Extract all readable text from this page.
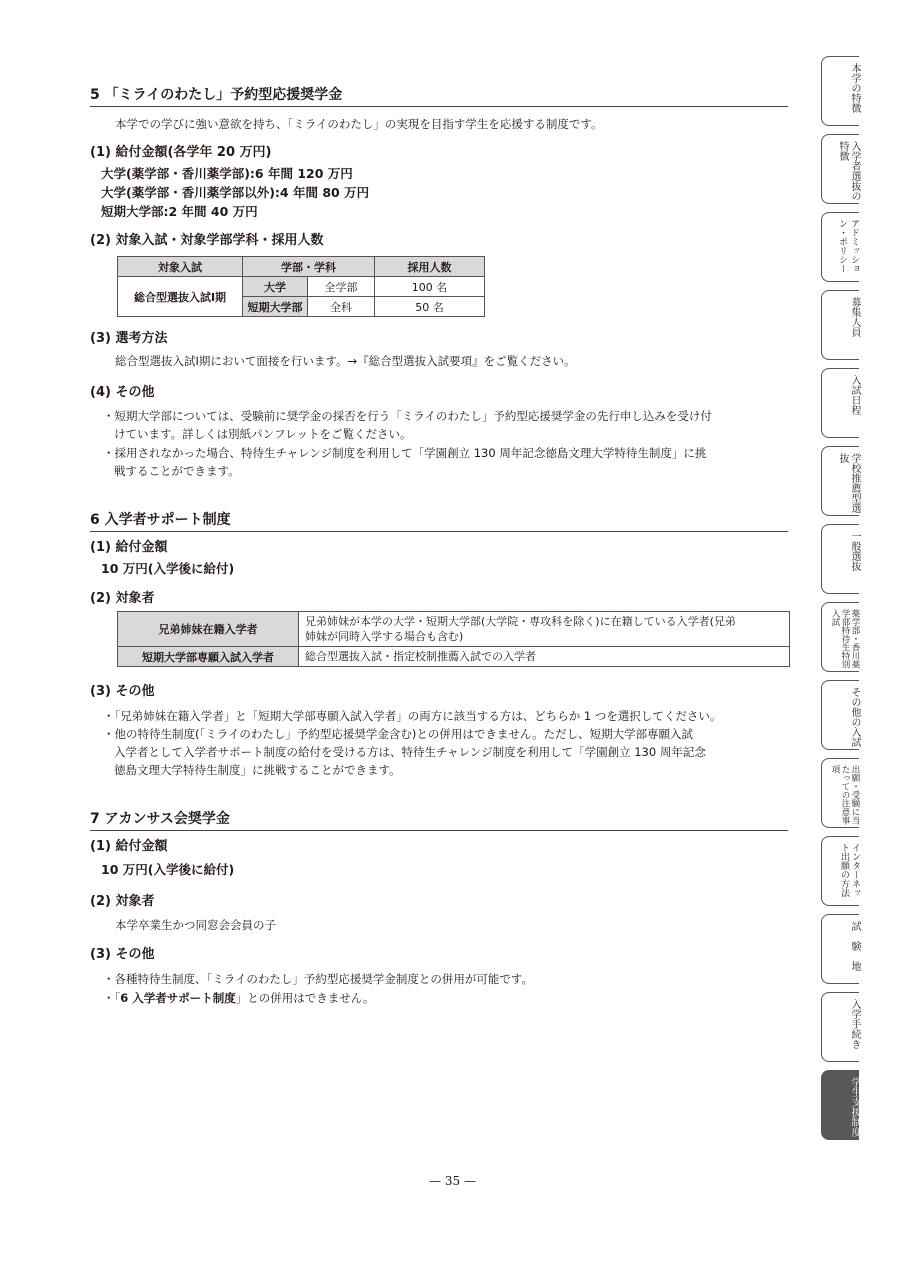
5 「ミライのわたし」予約型応援奨学金
本学での学びに強い意欲を持ち、「ミライのわたし」の実現を目指す学生を応援する制度です。
(1) 給付金額(各学年 20 万円)
大学(薬学部・香川薬学部):6 年間 120 万円
大学(薬学部・香川薬学部以外):4 年間 80 万円
短期大学部:2 年間 40 万円
(2) 対象入試・対象学部学科・採用人数
対象入試	学部・学科		採用人数
総合型選抜入試Ⅰ期	大学	全学部	100 名
	短期大学部	全科	50 名
(3) 選考方法
総合型選抜入試Ⅰ期において面接を行います。→『総合型選抜入試要項』をご覧ください。
(4) その他
・短期大学部については、受験前に奨学金の採否を行う「ミライのわたし」予約型応援奨学金の先行申し込みを受け付
けています。詳しくは別紙パンフレットをご覧ください。
・採用されなかった場合、特待生チャレンジ制度を利用して「学園創立 130 周年記念徳島文理大学特待生制度」に挑
戦することができます。
6 入学者サポート制度
(1) 給付金額
10 万円(入学後に給付)
(2) 対象者
兄弟姉妹在籍入学者	兄弟姉妹が本学の大学・短期大学部(大学院・専攻科を除く)に在籍している入学者(兄弟
姉妹が同時入学する場合も含む)
短期大学部専願入試入学者	総合型選抜入試・指定校制推薦入試での入学者
(3) その他
・「兄弟姉妹在籍入学者」と「短期大学部専願入試入学者」の両方に該当する方は、どちらか 1 つを選択してください。
・他の特待生制度(「ミライのわたし」予約型応援奨学金含む)との併用はできません。ただし、短期大学部専願入試
入学者として入学者サポート制度の給付を受ける方は、特待生チャレンジ制度を利用して「学園創立 130 周年記念
徳島文理大学特待生制度」に挑戦することができます。
7 アカンサス会奨学金
(1) 給付金額
10 万円(入学後に給付)
(2) 対象者
本学卒業生かつ同窓会会員の子
(3) その他
・各種特待生制度、「ミライのわたし」予約型応援奨学金制度との併用が可能です。
・「6 入学者サポート制度」との併用はできません。
本学の特徴
入学者選抜の特徴
アドミッション・ポリシー
募集人員
入試日程
学校推薦型選抜
一般選抜
薬学部・香川薬学部特待生特別入試
その他の入試
出願・受験に当たっての注意事項
インターネット出願の方法
試験地
入学手続き
学生支援制度
— 35 —
